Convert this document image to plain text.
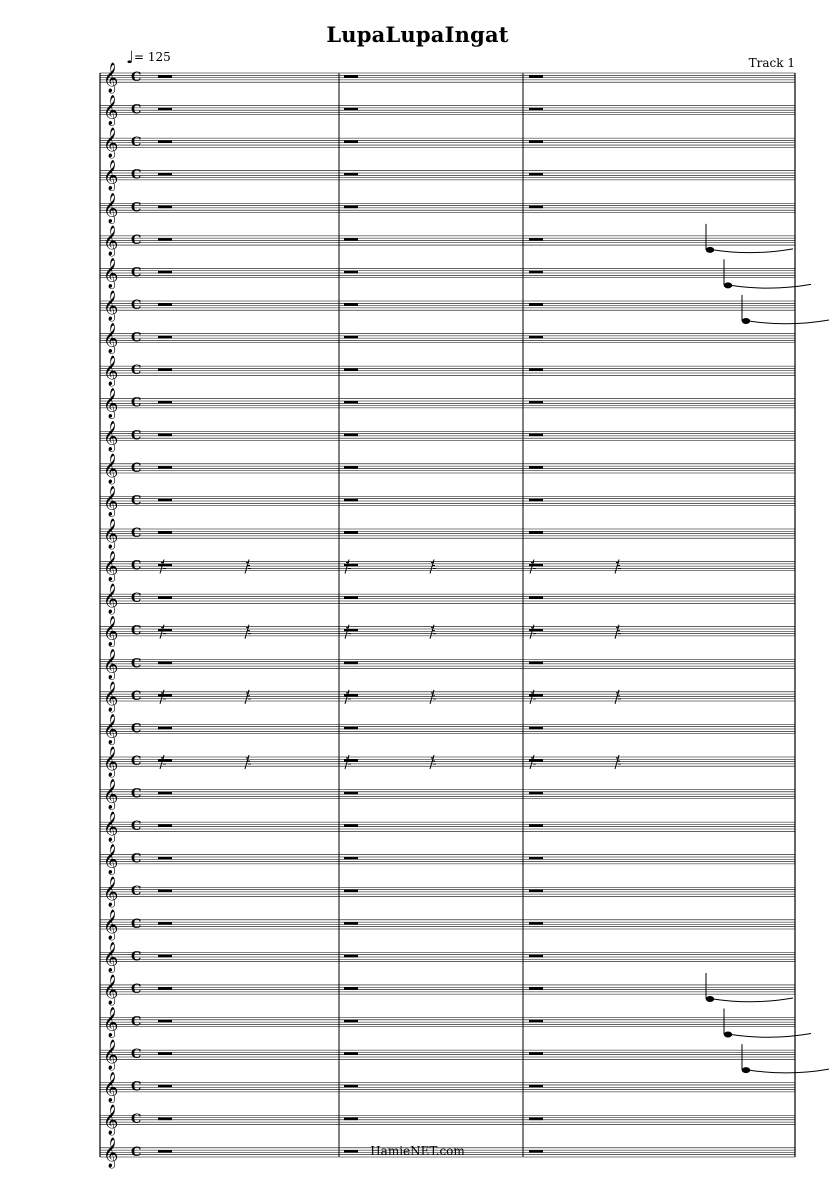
LupaLupaIngat
♩= 125	Track 1
𝄞 C
𝄞 C
𝄞 C
𝄞 C
𝄞 C
𝄞 C
𝄞 C
𝄞 C
𝄞 C
𝄞 C
𝄞 C
𝄞 C
𝄞 C
𝄞 C
𝄞 C
𝄞 C
𝄞 C
𝄞 C
𝄞 C
𝄞 C
𝄞 C
𝄞 C
𝄞 C
𝄞 C
𝄞 C
𝄞 C
𝄞 C
𝄞 C
𝄞 C
𝄞 C
𝄞 C
𝄞 C
𝄞 C
𝄞 C	HamieNET.com
